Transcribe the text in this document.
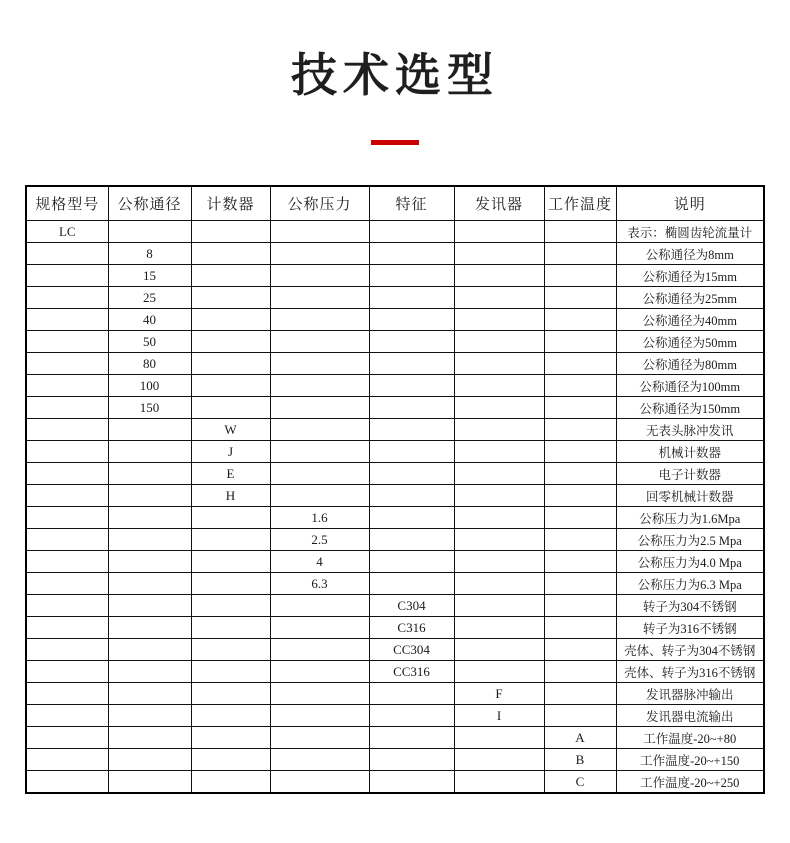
技术选型
规格型号	公称通径	计数器	公称压力	特征	发讯器	工作温度	说明
LC							表示：椭圆齿轮流量计
	8						公称通径为8mm
	15						公称通径为15mm
	25						公称通径为25mm
	40						公称通径为40mm
	50						公称通径为50mm
	80						公称通径为80mm
	100						公称通径为100mm
	150						公称通径为150mm
		W					无表头脉冲发讯
		J					机械计数器
		E					电子计数器
		H					回零机械计数器
			1.6				公称压力为1.6Mpa
			2.5				公称压力为2.5 Mpa
			4				公称压力为4.0 Mpa
			6.3				公称压力为6.3 Mpa
				C304			转子为304不锈钢
				C316			转子为316不锈钢
				CC304			壳体、转子为304不锈钢
				CC316			壳体、转子为316不锈钢
					F		发讯器脉冲输出
					I		发讯器电流输出
						A	工作温度-20~+80
						B	工作温度-20~+150
						C	工作温度-20~+250
